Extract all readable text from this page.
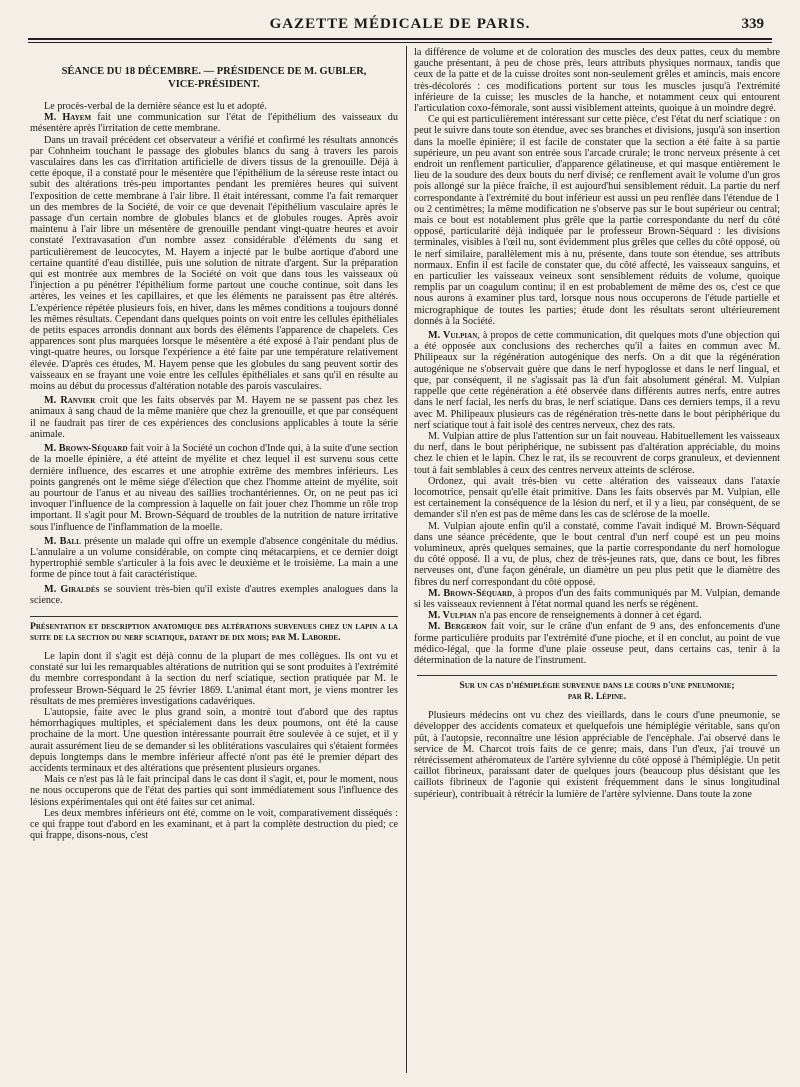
GAZETTE MÉDICALE DE PARIS.	339
SÉANCE DU 18 DÉCEMBRE. — PRÉSIDENCE DE M. GUBLER,
VICE-PRÉSIDENT.

Le procès-verbal de la dernière séance est lu et adopté.

M. Hayem fait une communication sur l'état de l'épithélium des vaisseaux du mésentère après l'irritation de cette membrane.

Dans un travail précédent cet observateur a vérifié et confirmé les résultats annoncés par Cohnheim touchant le passage des globules blancs du sang à travers les parois vasculaires dans les cas d'irritation artificielle de divers tissus de la grenouille. Déjà à cette époque, il a constaté pour le mésentère que l'épithélium de la séreuse reste intact ou subit des altérations très-peu importantes pendant les premières heures qui suivent l'exposition de cette membrane à l'air libre. Il était intéressant, comme l'a fait remarquer un des membres de la Société, de voir ce que devenait l'épithélium vasculaire après le passage d'un certain nombre de globules blancs et de globules rouges. Après avoir maintenu à l'air libre un mésentère de grenouille pendant vingt-quatre heures et avoir constaté l'extravasation d'un nombre assez considérable d'éléments du sang et particulièrement de leucocytes, M. Hayem a injecté par le bulbe aortique d'abord une certaine quantité d'eau distillée, puis une solution de nitrate d'argent. Sur la préparation qui est montrée aux membres de la Société on voit que dans tous les vaisseaux où l'injection a pu pénétrer l'épithélium forme partout une couche continue, soit dans les artères, les veines et les capillaires, et que les éléments ne paraissent pas être altérés. L'expérience répétée plusieurs fois, en hiver, dans les mêmes conditions a toujours donné les mêmes résultats. Cependant dans quelques points on voit entre les cellules épithéliales de petits espaces arrondis donnant aux bords des éléments l'apparence de chapelets. Ces apparences sont plus marquées lorsque le mésentère a été exposé à l'air pendant plus de vingt-quatre heures, ou lorsque l'expérience a été faite par une température relativement élevée. D'après ces études, M. Hayem pense que les globules du sang peuvent sortir des vaisseaux en se frayant une voie entre les cellules épithéliales et sans qu'il en résulte au moins au début du processus d'altération notable des parois vasculaires.

M. Ranvier croit que les faits observés par M. Hayem ne se passent pas chez les animaux à sang chaud de la même manière que chez la grenouille, et que par conséquent il ne faudrait pas tirer de ces expériences des conclusions applicables à toute la série animale.

M. Brown-Séquard fait voir à la Société un cochon d'Inde qui, à la suite d'une section de la moelle épinière, a été atteint de myélite et chez lequel il est survenu sous cette dernière influence, des escarres et une atrophie extrême des membres inférieurs. Les points gangrenés ont le même siége d'élection que chez l'homme atteint de myélite, soit au pourtour de l'anus et au niveau des saillies trochantériennes. Or, on ne peut pas ici invoquer l'influence de la compression à laquelle on fait jouer chez l'homme un rôle trop important. Il s'agit pour M. Brown-Séquard de troubles de la nutrition de nature irritative sous l'influence de l'inflammation de la moelle.

M. Ball présente un malade qui offre un exemple d'absence congénitale du médius. L'annulaire a un volume considérable, on compte cinq métacarpiens, et ce dernier doigt hypertrophié semble s'articuler à la fois avec le deuxième et le troisième. La main a une forme de pince tout à fait caractéristique.

M. Giraldès se souvient très-bien qu'il existe d'autres exemples analogues dans la science.

Présentation et description anatomique des altérations survenues chez un lapin a la suite de la section du nerf sciatique, datant de dix mois; par M. Laborde.

Le lapin dont il s'agit est déjà connu de la plupart de mes collègues. Ils ont vu et constaté sur lui les remarquables altérations de nutrition qui se sont produites à l'extrémité du membre correspondant à la section du nerf sciatique, section pratiquée par M. le professeur Brown-Séquard le 25 février 1869. L'animal étant mort, je viens montrer les résultats de mes premières investigations cadavériques.

L'autopsie, faite avec le plus grand soin, a montré tout d'abord que des raptus hémorrhagiques multiples, et spécialement dans les deux poumons, ont été la cause prochaine de la mort. Une question intéressante pourrait être soulevée à ce sujet, et il y aurait assurément lieu de se demander si les oblitérations vasculaires qui s'étaient formées depuis longtemps dans le membre inférieur affecté n'ont pas été le premier départ des accidents terminaux et des altérations que présentent plusieurs organes.

Mais ce n'est pas là le fait principal dans le cas dont il s'agit, et, pour le moment, nous ne nous occuperons que de l'état des parties qui sont immédiatement sous l'influence des lésions expérimentales qui ont été faites sur cet animal.

Les deux membres inférieurs ont été, comme on le voit, comparativement disséqués : ce qui frappe tout d'abord en les examinant, et à part la complète destruction du pied; ce qui frappe, disons-nous, c'est

la différence de volume et de coloration des muscles des deux pattes, ceux du membre gauche présentant, à peu de chose près, leurs attributs physiques normaux, tandis que ceux de la patte et de la cuisse droites sont non-seulement grêles et amincis, mais encore très-décolorés : ces modifications portent sur tous les muscles jusqu'à l'extrémité inférieure de la cuisse; les muscles de la hanche, et notamment ceux qui entourent l'articulation coxo-fémorale, sont aussi visiblement atteints, quoique à un moindre degré.

Ce qui est particulièrement intéressant sur cette pièce, c'est l'état du nerf sciatique : on peut le suivre dans toute son étendue, avec ses branches et divisions, jusqu'à son insertion dans la moelle épinière; il est facile de constater que la section a été faite à sa partie supérieure, un peu avant son entrée sous l'arcade crurale; le tronc nerveux présente à cet endroit un renflement particulier, d'apparence gélatineuse, et qui masque entièrement le lieu de la soudure des deux bouts du nerf divisé; ce renflement avait le volume d'un gros pois allongé sur la pièce fraîche, il est aujourd'hui sensiblement réduit. La partie du nerf correspondante à l'extrémité du bout inférieur est aussi un peu renflée dans l'étendue de 1 ou 2 centimètres; la même modification ne s'observe pas sur le bout supérieur ou central; mais ce bout est notablement plus grêle que la partie correspondante du nerf du côté opposé, particularité déjà indiquée par le professeur Brown-Séquard : les divisions terminales, visibles à l'œil nu, sont évidemment plus grêles que celles du côté opposé, où le nerf similaire, parallèlement mis à nu, présente, dans toute son étendue, ses attributs normaux. Enfin il est facile de constater que, du côté affecté, les vaisseaux sanguins, et en particulier les vaisseaux veineux sont sensiblement réduits de volume, quoique remplis par un coagulum continu; il en est probablement de même des os, c'est ce que nous aurons à examiner plus tard, lorsque nous nous occuperons de l'étude partielle et micrographique de toutes les parties; étude dont les résultats seront ultérieurement donnés à la Société.

M. Vulpian, à propos de cette communication, dit quelques mots d'une objection qui a été opposée aux conclusions des recherches qu'il a faites en commun avec M. Philipeaux sur la régénération autogénique des nerfs. On a dit que la régénération autogénique ne s'observait guère que dans le nerf hypoglosse et dans le nerf lingual, et que, par conséquent, il ne s'agissait pas là d'un fait absolument général. M. Vulpian rappelle que cette régénération a été observée dans différents autres nerfs, entre autres dans le nerf facial, les nerfs du bras, le nerf sciatique. Dans ces derniers temps, il a revu avec M. Philipeaux plusieurs cas de régénération très-nette dans le bout périphérique du nerf sciatique tout à fait isolé des centres nerveux, chez des rats.

M. Vulpian attire de plus l'attention sur un fait nouveau. Habituellement les vaisseaux du nerf, dans le bout périphérique, ne subissent pas d'altération appréciable, du moins chez le chien et le lapin. Chez le rat, ils se recouvrent de corps granuleux, et deviennent tout à fait semblables à ceux des centres nerveux atteints de sclérose.

Ordonez, qui avait très-bien vu cette altération des vaisseaux dans l'ataxie locomotrice, pensait qu'elle était primitive. Dans les faits observés par M. Vulpian, elle est certainement la conséquence de la lésion du nerf, et il y a lieu, par conséquent, de se demander s'il n'en est pas de même dans les cas de sclérose de la moelle.

M. Vulpian ajoute enfin qu'il a constaté, comme l'avait indiqué M. Brown-Séquard dans une séance précédente, que le bout central d'un nerf coupé est un peu moins volumineux, après quelques semaines, que la partie correspondante du nerf homologue du côté opposé. Il a vu, de plus, chez de très-jeunes rats, que, dans ce bout, les fibres nerveuses ont, d'une façon générale, un diamètre un peu plus petit que le diamètre des fibres du nerf correspondant du côté opposé.

M. Brown-Séquard, à propos d'un des faits communiqués par M. Vulpian, demande si les vaisseaux reviennent à l'état normal quand les nerfs se régènent.

M. Vulpian n'a pas encore de renseignements à donner à cet égard.

M. Bergeron fait voir, sur le crâne d'un enfant de 9 ans, des enfoncements d'une forme particulière produits par l'extrémité d'une pioche, et il en conclut, au point de vue médico-légal, que la forme d'une plaie osseuse peut, dans certains cas, tenir à la détermination de la nature de l'instrument.

Sur un cas d'hémiplégie survenue dans le cours d'une pneumonie;
par R. Lépine.

Plusieurs médecins ont vu chez des vieillards, dans le cours d'une pneumonie, se développer des accidents comateux et quelquefois une hémiplégie véritable, sans qu'on pût, à l'autopsie, reconnaître une lésion appréciable de l'encéphale. J'ai observé dans le service de M. Charcot trois faits de ce genre; mais, dans l'un d'eux, j'ai trouvé un rétrécissement athéromateux de l'artère sylvienne du côté opposé à l'hémiplégie. Un petit caillot fibrineux, paraissant dater de quelques jours (beaucoup plus désistant que les caillots fibrineux de l'agonie qui existent fréquemment dans le sinus longitudinal supérieur), contribuait à rétrécir la lumière de l'artère sylvienne. Dans toute la zone
